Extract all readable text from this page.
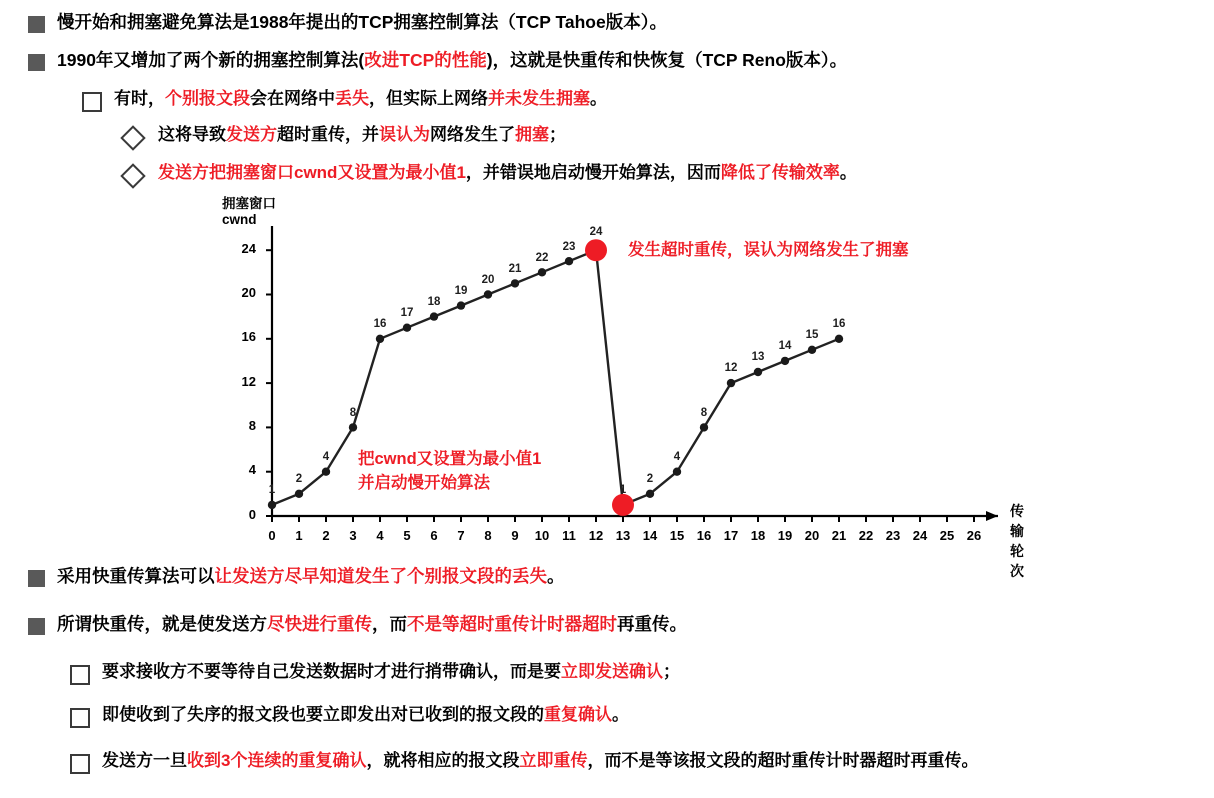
慢开始和拥塞避免算法是1988年提出的TCP拥塞控制算法（TCP Tahoe版本）。
1990年又增加了两个新的拥塞控制算法(改进TCP的性能)，这就是快重传和快恢复（TCP Reno版本）。
有时，个别报文段会在网络中丢失，但实际上网络并未发生拥塞。
这将导致发送方超时重传，并误认为网络发生了拥塞；
发送方把拥塞窗口cwnd又设置为最小值1，并错误地启动慢开始算法，因而降低了传输效率。
拥塞窗口
cwnd
0
4
8
12
16
20
24
0	1	2	3	4	5	6	7	8	9	10 11 12 13 14 15 16 17 18 19 20 21 22 23 24 25 26
传输轮次
1
2
4
8
16
17
18
19
20
21
22
23
24
1
2
4
8
12
13
14
15
16
发生超时重传，误认为网络发生了拥塞
把cwnd又设置为最小值1
并启动慢开始算法
采用快重传算法可以让发送方尽早知道发生了个别报文段的丢失。
所谓快重传，就是使发送方尽快进行重传，而不是等超时重传计时器超时再重传。
要求接收方不要等待自己发送数据时才进行捎带确认，而是要立即发送确认；
即使收到了失序的报文段也要立即发出对已收到的报文段的重复确认。
发送方一旦收到3个连续的重复确认，就将相应的报文段立即重传，而不是等该报文段的超时重传计时器超时再重传。
